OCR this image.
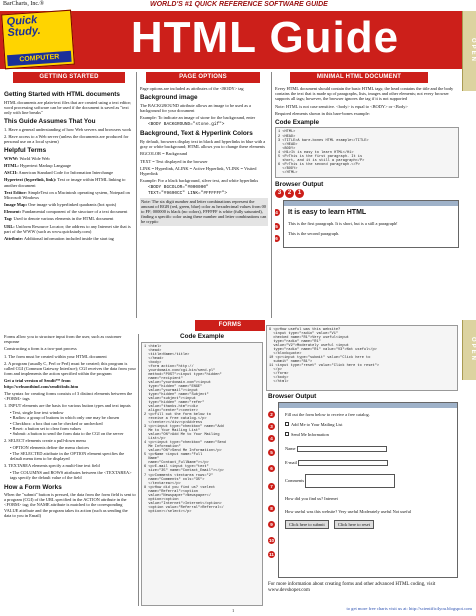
BarCharts, Inc.®	WORLD'S #1 QUICK REFERENCE SOFTWARE GUIDE
Quick
Study.
COMPUTER	HTML Guide	OPEN
OPEN
GETTING STARTED
Getting Started with HTML documents
HTML documents are plain-text files that are created using a text editor; word processing software can be used if the document is saved as "text only with line breaks"
This Guide Assumes That You
1. Have a general understanding of how Web servers and browsers work
2. Have access to a Web server (unless the documents are produced for personal use on a local system)
Helpful Terms
WWW: World Wide Web
HTML: Hypertext Markup Language
ASCII: American Standard Code for Information Interchange
Hypertext (hyperlink, link): Text or image within HTML linking to another document
Text Editor: SimpleText on a Macintosh operating system, Notepad on Microsoft Windows
Image Map: One image with hyperlinked quadrants (hot spots)
Element: Fundamental component of the structure of a text document
Tag: Used to denote various elements in the HTML document
URL: Uniform Resource Locator; the address to any Internet site that is part of the WWW (such as www.quickstudy.com)
Attribute: Additional information included inside the start tag
PAGE OPTIONS
Page options are included as attributes of the <BODY> tag
Background image
The BACKGROUND attribute allows an image to be used as a background for your document
Example: To indicate an image of stone for the background, enter
<BODY BACKGROUND="stone.gif">
Background, Text & Hyperlink Colors
By default, browsers display text in black and hyperlinks in blue with a gray or white background; HTML allows you to change these elements
BGCOLOR = Background
TEXT = Text displayed in the browser
LINK = Hyperlink, ALINK = Active Hyperlink, VLINK = Visited Hyperlink
Example: For a black background, silver text, and white hyperlinks
<BODY BGCOLOR="#000000"
TEXT="#9690CC" LINK="#FFFFFF">
Note: The six digit number and letter combinations represent the amount of RGB (red, green, blue) color as hexadecimal values from 00 to FF; 000000 is black (no colors), FFFFFF is white (fully saturated), finding a specific color using these number and letter combinations can be cryptic
MINIMAL HTML DOCUMENT
Every HTML document should contain the basic HTML tags; the head contains the title and the body contains the text that is made up of paragraphs, lists, images and other elements; not every browser supports all tags; however, the browser ignores the tag if it is not supported
Note: HTML is not case sensitive. <body> is equal to <BODY> or <Body>
Required elements shown in this bare-bones example:
Code Example
1 <HTML>
2 <HEAD>
3 <TITLE>A bare-bones HTML example</TITLE>
</HEAD>
<BODY>
4 <H1>It is easy to learn HTML</H1>
5 <P>This is the first paragraph. It is
short, and it is still a paragraph</P>
6 <P>This is the second paragraph.</P>
</BODY>
</HTML>
Browser Output
3 2 1
It is easy to learn HTML
This is the first paragraph. It is short, but is a still a paragraph!
This is the second paragraph.
4
5
6
FORMS
Forms allow you to structure input from the user, such as customer response
Constructing a form is a two-part process
1. The form must be created within your HTML document
2. A program (usually C, Perl or Perl) must be created; this program is called CGI (Common Gateway Interface); CGI receives the data from your form and implements the action specified within the program
Get a trial version of Sendit™ from http://websonthind.com/sendit/info.htm
The syntax for creating forms consists of 3 distinct elements between the <FORM> tags
1. INPUT elements are the basis for various button types and text inputs
• Text, single line text window
• Radios: a group of buttons in which only one may be chosen
• Checkbox: a box that can be checked or unchecked
• Reset: a button set to clear form values
• Submit: a button to send the form data to the CGI on the server
2. SELECT elements create a pull-down menu
• OPTION elements define the menu choices
• The SELECTED attribute in the OPTION element specifies the default menu item to be displayed
3. TEXTAREA elements specify a multi-line text field
• The COLUMNS and ROWS attributes between the <TEXTAREA> tags specify the default value of the field
How a Form Works
When the "submit" button is pressed, the data from the form field is sent to a program (CGI) of the URL specified in the ACTION attribute in the <FORM> tag; the NAME attribute is matched to the corresponding VALUE attribute and the program takes its action (such as sending the data to you in Email)
Code Example
1 <html>
<head>
<title>Name</title>
</head>
<body>
<form action="http://
yourdomain.com/cgi-bin/send.pl"
method="POST"><input type="hidden"
name="recipient"
value="yourdomain.com"><input
type="hidden" name="ENGE"
value="yourmail"><input
type="hidden" name="Subject"
value="subject"><input
type="hidden" name="refer"
value="thanks.htm"><div
align="center"><center>
2 <p>Fill out the form below to
receive a free catalog.</p>
</center></div><p>Address
3 <p><input type="checkbox" name="Add
Me to Your Mailing List"
value="ON">Add Me to Your Mailing
List</p>
4 <p><input type="checkbox" name="Send
Me Information"
value="ON">Send Me Information</p>
5 <p>Name <input name="Full
Name"
name="Contact_FullName"></p>
6 <p>E-mail <input type="text"
size="35" name="Contact_Email"></p>
7 <p>Comments <textarea rows="2"
name="Comments" cols="35">
</textarea></p>
8 <p>How did you find us? <select
name="Referral"><option
value="Newspaper">Newspaper</
option><option
value="Internet">Internet</option>
<option value="Referral">Referral</
option></select></p>
9 <p>How useful was this website?
<input type="radio" value="V1"
checked name="R1">Very useful<input
type="radio" name="R1"
value="V2">Moderately useful <input
type="radio" name="R1" value="V3">Not useful</p>
</blockquote>
10 <p><input type="submit" value="Click here to
submit" name="B1">
11 <input type="reset" value="Click here to reset">
</p>
</form>
</body>
</html>
Browser Output
Fill out the form below to receive a free catalog.
Add Me to Your Mailing List
Send Me Information
Name
E-mail
Comments
How did you find us? Internet
How useful was this website? Very useful Moderately useful Not useful
Click here to submit	Click here to reset
2
3
4
5
6
7
8
9
10
11
For more information about creating forms and other advanced HTML coding, visit www.devshoper.com
1	to get more free charts visit us at: http://scientific4you.blogspot.com
